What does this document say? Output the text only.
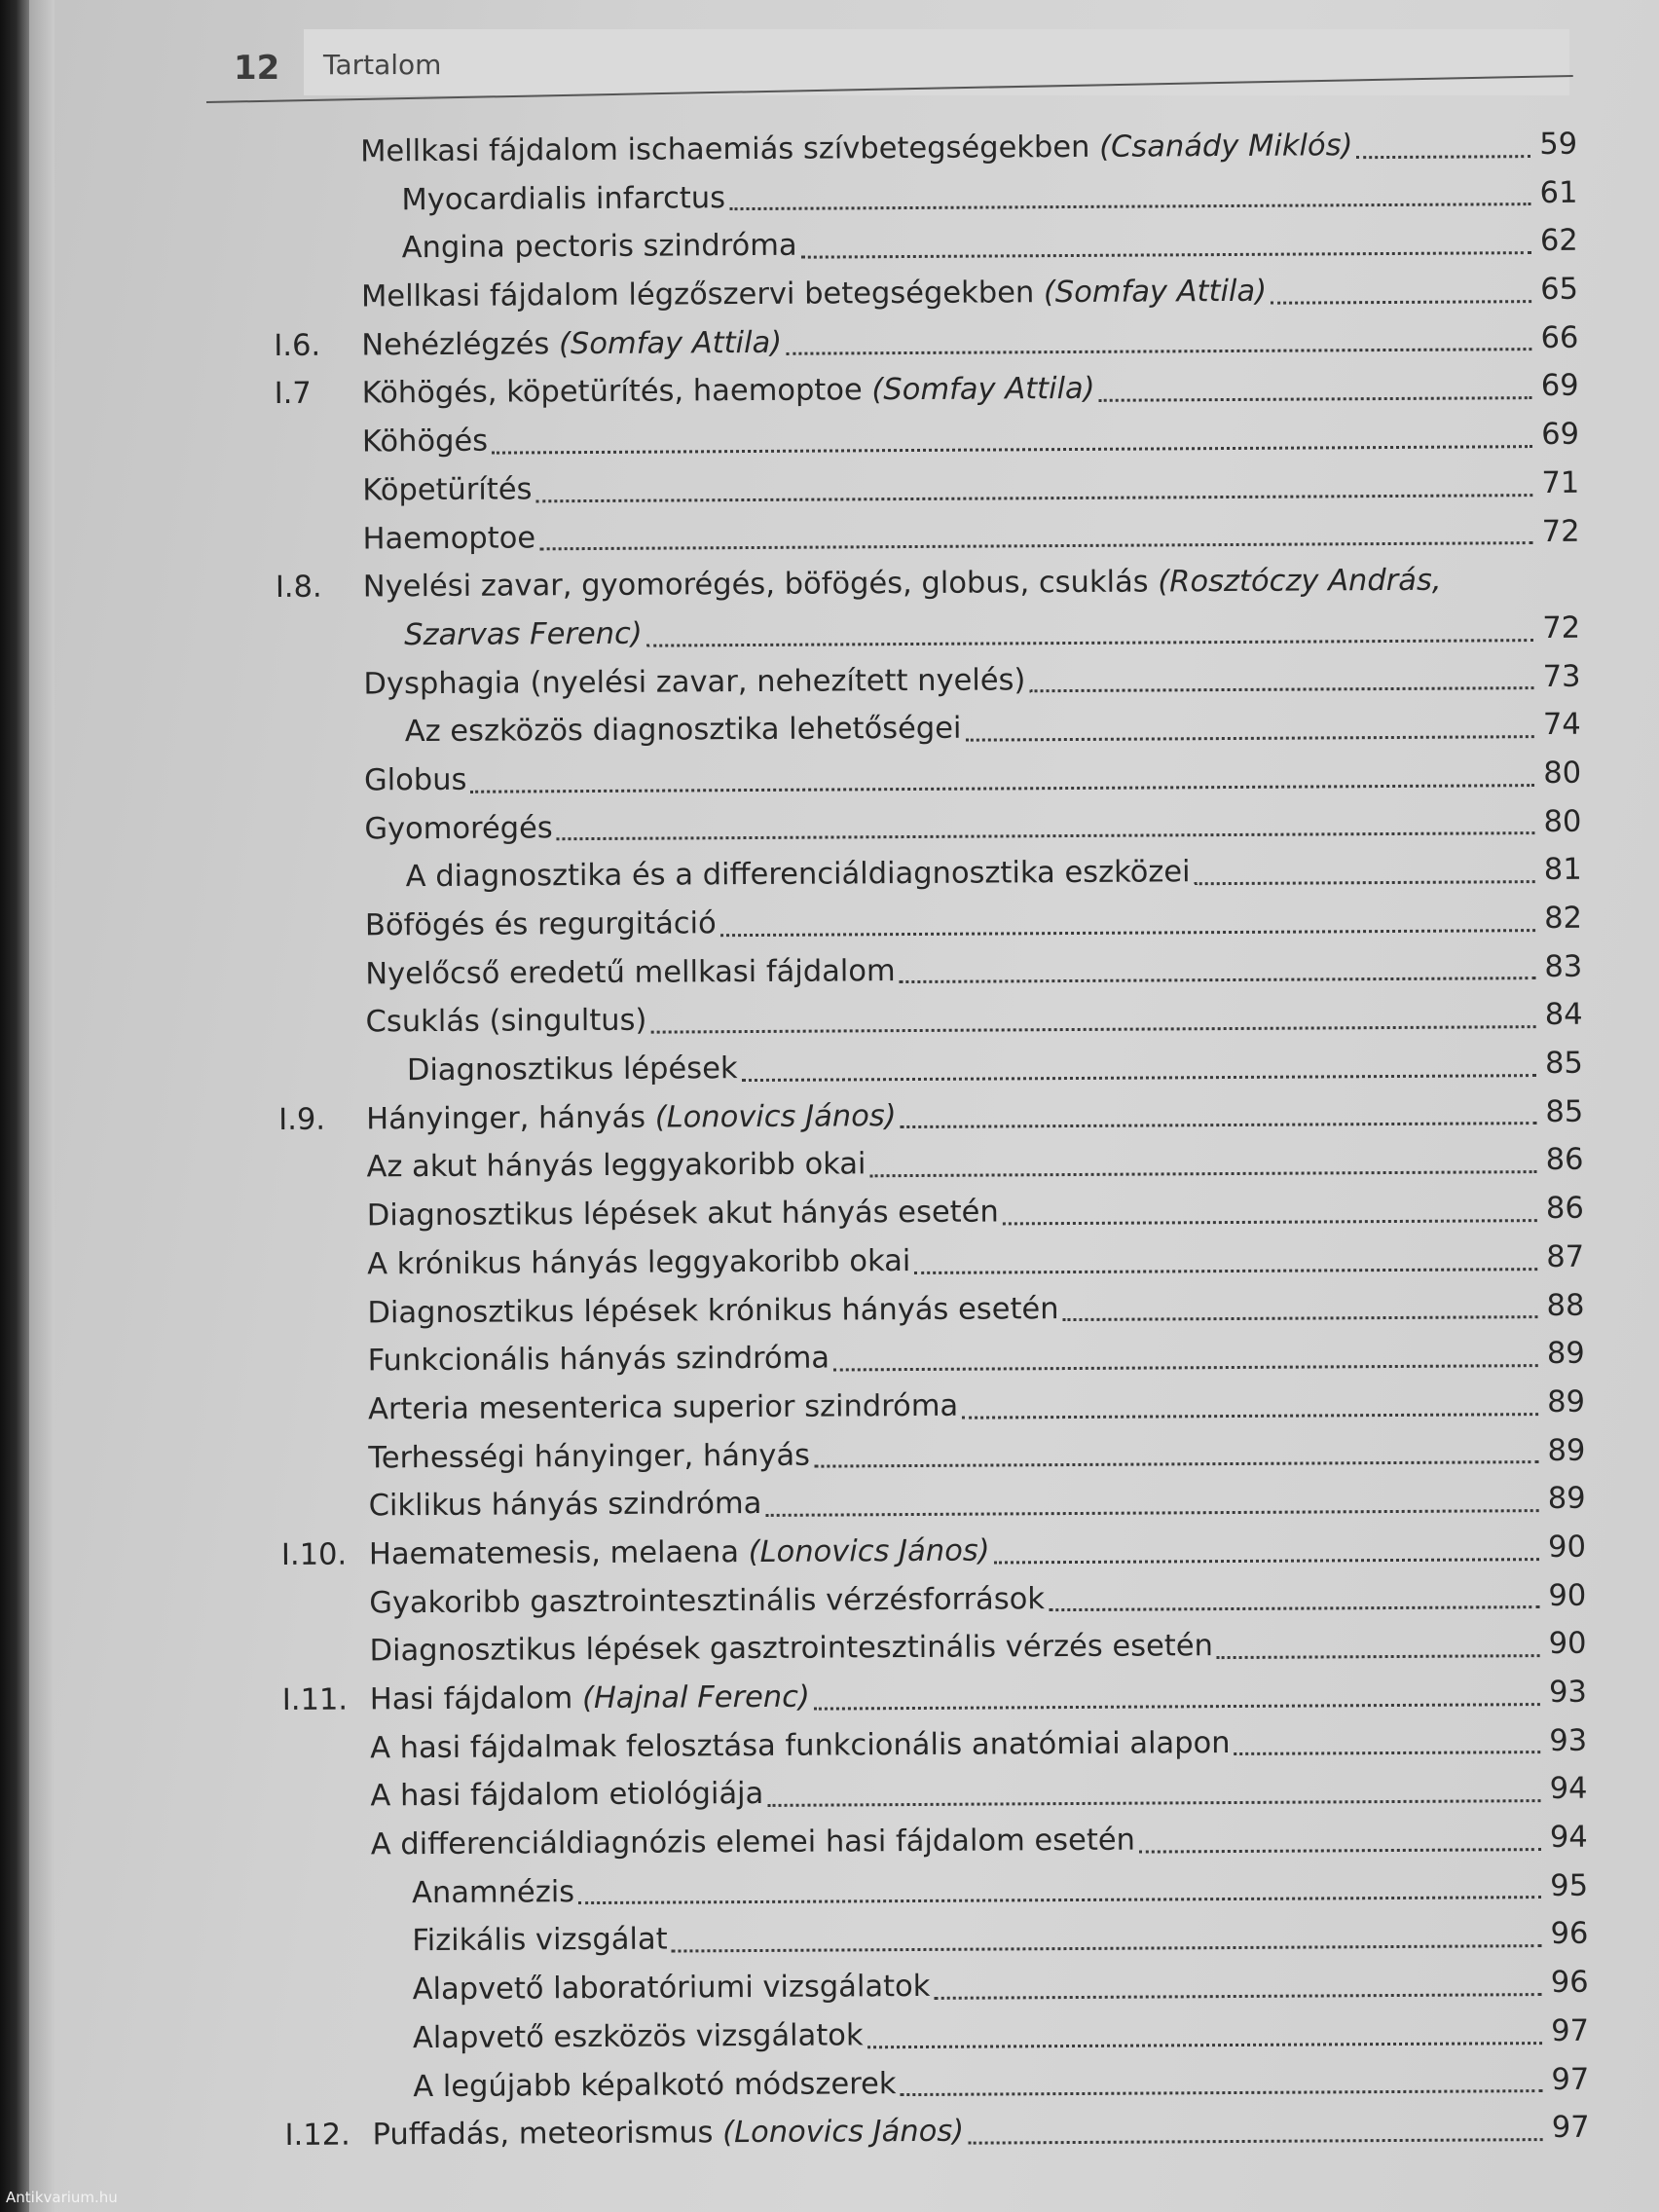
12 Tartalom
Mellkasi fájdalom ischaemiás szívbetegségekben (Csanády Miklós)	59
Myocardialis infarctus	61
Angina pectoris szindróma	62
Mellkasi fájdalom légzőszervi betegségekben (Somfay Attila)	65
I.6.	Nehézlégzés (Somfay Attila)	66
I.7	Köhögés, köpetürítés, haemoptoe (Somfay Attila)	69
Köhögés	69
Köpetürítés	71
Haemoptoe	72
I.8.	Nyelési zavar, gyomorégés, böfögés, globus, csuklás (Rosztóczy András,
Szarvas Ferenc)	72
Dysphagia (nyelési zavar, nehezített nyelés)	73
Az eszközös diagnosztika lehetőségei	74
Globus	80
Gyomorégés	80
A diagnosztika és a differenciáldiagnosztika eszközei	81
Böfögés és regurgitáció	82
Nyelőcső eredetű mellkasi fájdalom	83
Csuklás (singultus)	84
Diagnosztikus lépések	85
I.9.	Hányinger, hányás (Lonovics János)	85
Az akut hányás leggyakoribb okai	86
Diagnosztikus lépések akut hányás esetén	86
A krónikus hányás leggyakoribb okai	87
Diagnosztikus lépések krónikus hányás esetén	88
Funkcionális hányás szindróma	89
Arteria mesenterica superior szindróma	89
Terhességi hányinger, hányás	89
Ciklikus hányás szindróma	89
I.10. Haematemesis, melaena (Lonovics János)	90
Gyakoribb gasztrointesztinális vérzésforrások	90
Diagnosztikus lépések gasztrointesztinális vérzés esetén	90
I.11. Hasi fájdalom (Hajnal Ferenc)	93
A hasi fájdalmak felosztása funkcionális anatómiai alapon	93
A hasi fájdalom etiológiája	94
A differenciáldiagnózis elemei hasi fájdalom esetén	94
Anamnézis	95
Fizikális vizsgálat	96
Alapvető laboratóriumi vizsgálatok	96
Alapvető eszközös vizsgálatok	97
A legújabb képalkotó módszerek	97
I.12. Puffadás, meteorismus (Lonovics János)	97
Antikvarium.hu
